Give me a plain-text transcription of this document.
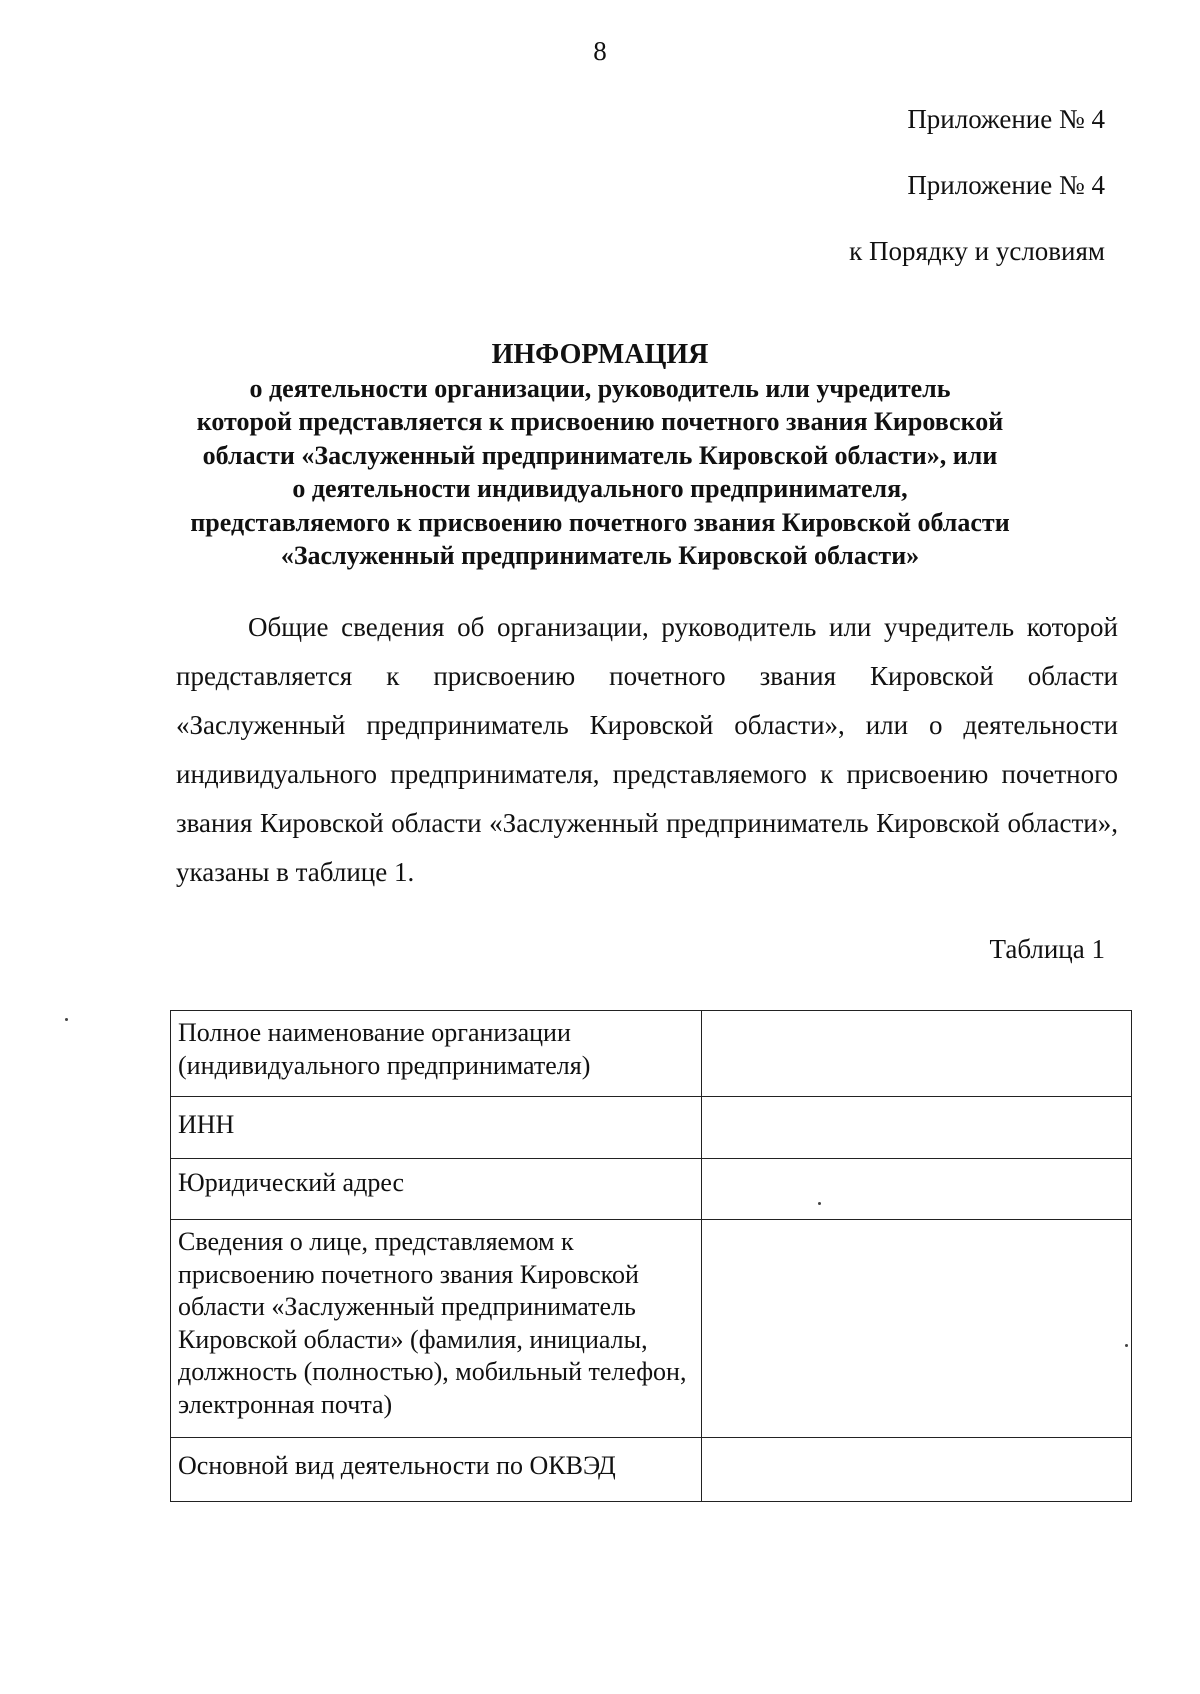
8
Приложение № 4
Приложение № 4
к Порядку и условиям
ИНФОРМАЦИЯ
о деятельности организации, руководитель или учредитель
которой представляется к присвоению почетного звания Кировской
области «Заслуженный предприниматель Кировской области», или
о деятельности индивидуального предпринимателя,
представляемого к присвоению почетного звания Кировской области
«Заслуженный предприниматель Кировской области»

Общие сведения об организации, руководитель или учредитель которой представляется к присвоению почетного звания Кировской области «Заслуженный предприниматель Кировской области», или о деятельности индивидуального предпринимателя, представляемого к присвоению почетного звания Кировской области «Заслуженный предприниматель Кировской области», указаны в таблице 1.

Таблица 1
Полное наименование организации (индивидуального предпринимателя)	
ИНН	
Юридический адрес	
Сведения о лице, представляемом к присвоению почетного звания Кировской области «Заслуженный предприниматель Кировской области» (фамилия, инициалы, должность (полностью), мобильный телефон, электронная почта)	
Основной вид деятельности по ОКВЭД	
